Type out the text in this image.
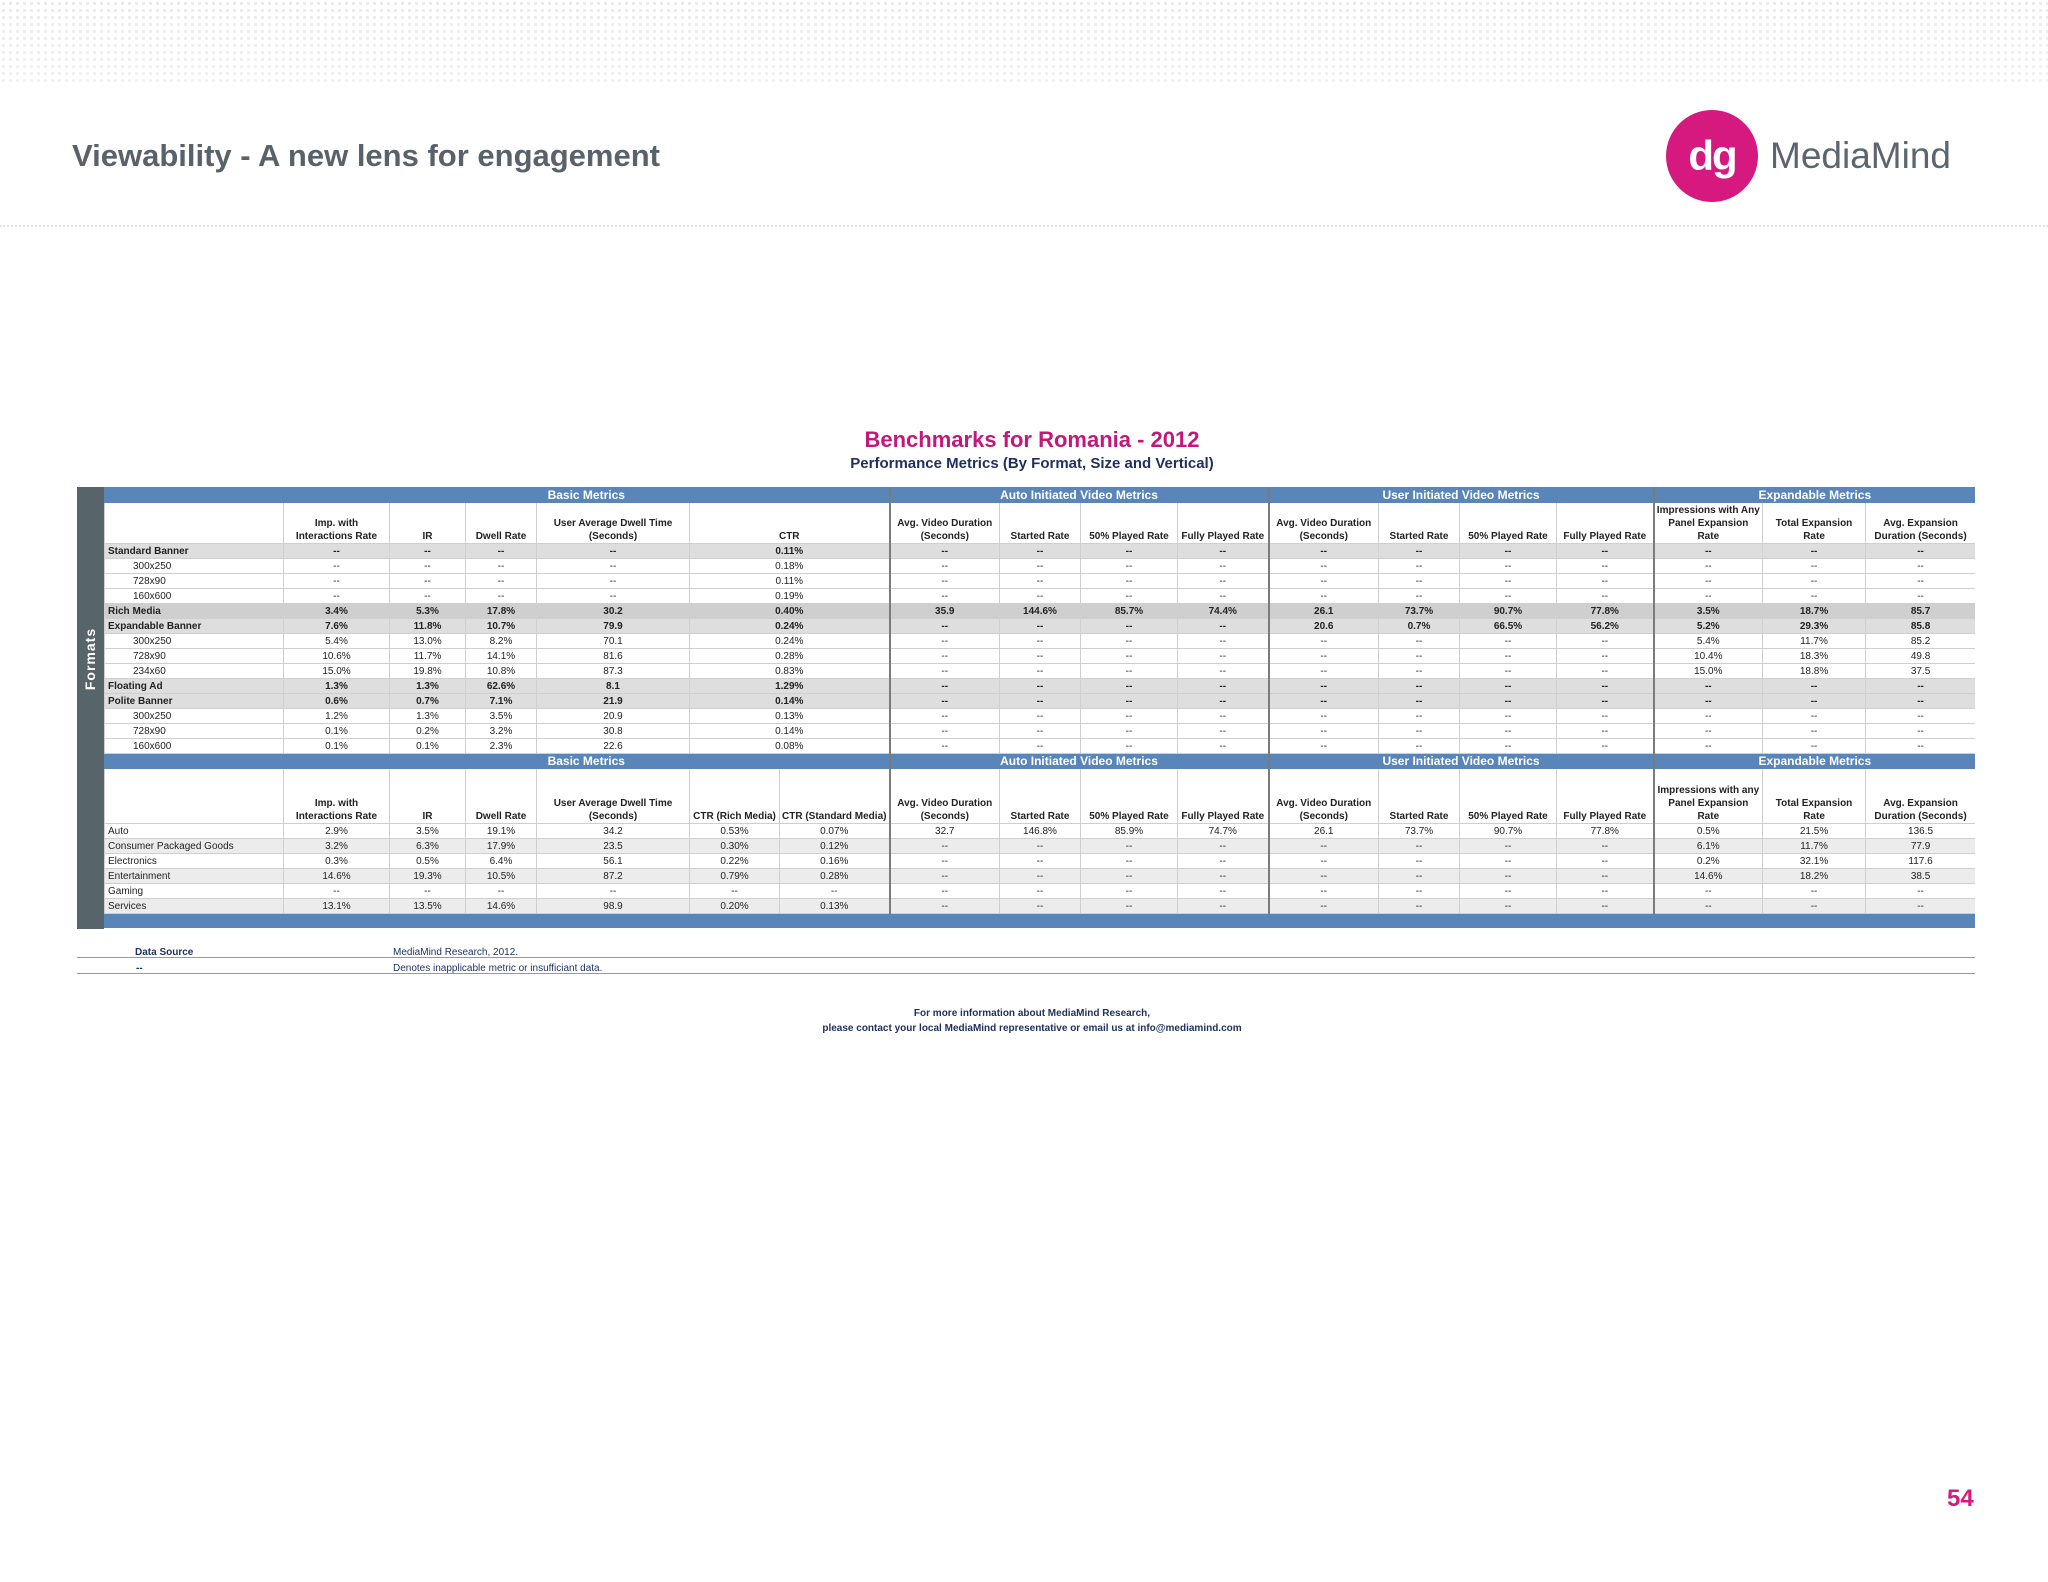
Viewability - A new lens for engagement	dg MediaMind
Benchmarks for Romania - 2012
Performance Metrics (By Format, Size and Vertical)
Formats
	Basic Metrics						Auto Initiated Video Metrics				User Initiated Video Metrics				Expandable Metrics		
	Imp. with Interactions Rate	IR	Dwell Rate	User Average Dwell Time (Seconds)	CTR		Avg. Video Duration (Seconds)	Started Rate	50% Played Rate	Fully Played Rate	Avg. Video Duration (Seconds)	Started Rate	50% Played Rate	Fully Played Rate	Impressions with Any Panel Expansion Rate	Total Expansion Rate	Avg. Expansion Duration (Seconds)
Standard Banner	--	--	--	--	0.11%		--	--	--	--	--	--	--	--	--	--	--
300x250	--	--	--	--	0.18%		--	--	--	--	--	--	--	--	--	--	--
728x90	--	--	--	--	0.11%		--	--	--	--	--	--	--	--	--	--	--
160x600	--	--	--	--	0.19%		--	--	--	--	--	--	--	--	--	--	--
Rich Media	3.4%	5.3%	17.8%	30.2	0.40%		35.9	144.6%	85.7%	74.4%	26.1	73.7%	90.7%	77.8%	3.5%	18.7%	85.7
Expandable Banner	7.6%	11.8%	10.7%	79.9	0.24%		--	--	--	--	20.6	0.7%	66.5%	56.2%	5.2%	29.3%	85.8
300x250	5.4%	13.0%	8.2%	70.1	0.24%		--	--	--	--	--	--	--	--	5.4%	11.7%	85.2
728x90	10.6%	11.7%	14.1%	81.6	0.28%		--	--	--	--	--	--	--	--	10.4%	18.3%	49.8
234x60	15.0%	19.8%	10.8%	87.3	0.83%		--	--	--	--	--	--	--	--	15.0%	18.8%	37.5
Floating Ad	1.3%	1.3%	62.6%	8.1	1.29%		--	--	--	--	--	--	--	--	--	--	--
Polite Banner	0.6%	0.7%	7.1%	21.9	0.14%		--	--	--	--	--	--	--	--	--	--	--
300x250	1.2%	1.3%	3.5%	20.9	0.13%		--	--	--	--	--	--	--	--	--	--	--
728x90	0.1%	0.2%	3.2%	30.8	0.14%		--	--	--	--	--	--	--	--	--	--	--
160x600	0.1%	0.1%	2.3%	22.6	0.08%		--	--	--	--	--	--	--	--	--	--	--
	Basic Metrics						Auto Initiated Video Metrics				User Initiated Video Metrics				Expandable Metrics		
	Imp. with Interactions Rate	IR	Dwell Rate	User Average Dwell Time (Seconds)	CTR (Rich Media)	CTR (Standard Media)	Avg. Video Duration (Seconds)	Started Rate	50% Played Rate	Fully Played Rate	Avg. Video Duration (Seconds)	Started Rate	50% Played Rate	Fully Played Rate	Impressions with any Panel Expansion Rate	Total Expansion Rate	Avg. Expansion Duration (Seconds)
Auto	2.9%	3.5%	19.1%	34.2	0.53%	0.07%	32.7	146.8%	85.9%	74.7%	26.1	73.7%	90.7%	77.8%	0.5%	21.5%	136.5
Consumer Packaged Goods	3.2%	6.3%	17.9%	23.5	0.30%	0.12%	--	--	--	--	--	--	--	--	6.1%	11.7%	77.9
Electronics	0.3%	0.5%	6.4%	56.1	0.22%	0.16%	--	--	--	--	--	--	--	--	0.2%	32.1%	117.6
Entertainment	14.6%	19.3%	10.5%	87.2	0.79%	0.28%	--	--	--	--	--	--	--	--	14.6%	18.2%	38.5
Gaming	--	--	--	--	--	--	--	--	--	--	--	--	--	--	--	--	--
Services	13.1%	13.5%	14.6%	98.9	0.20%	0.13%	--	--	--	--	--	--	--	--	--	--	--

Data Source	MediaMind Research, 2012.
--	Denotes inapplicable metric or insufficiant data.
For more information about MediaMind Research,
please contact your local MediaMind representative or email us at info@mediamind.com
54
